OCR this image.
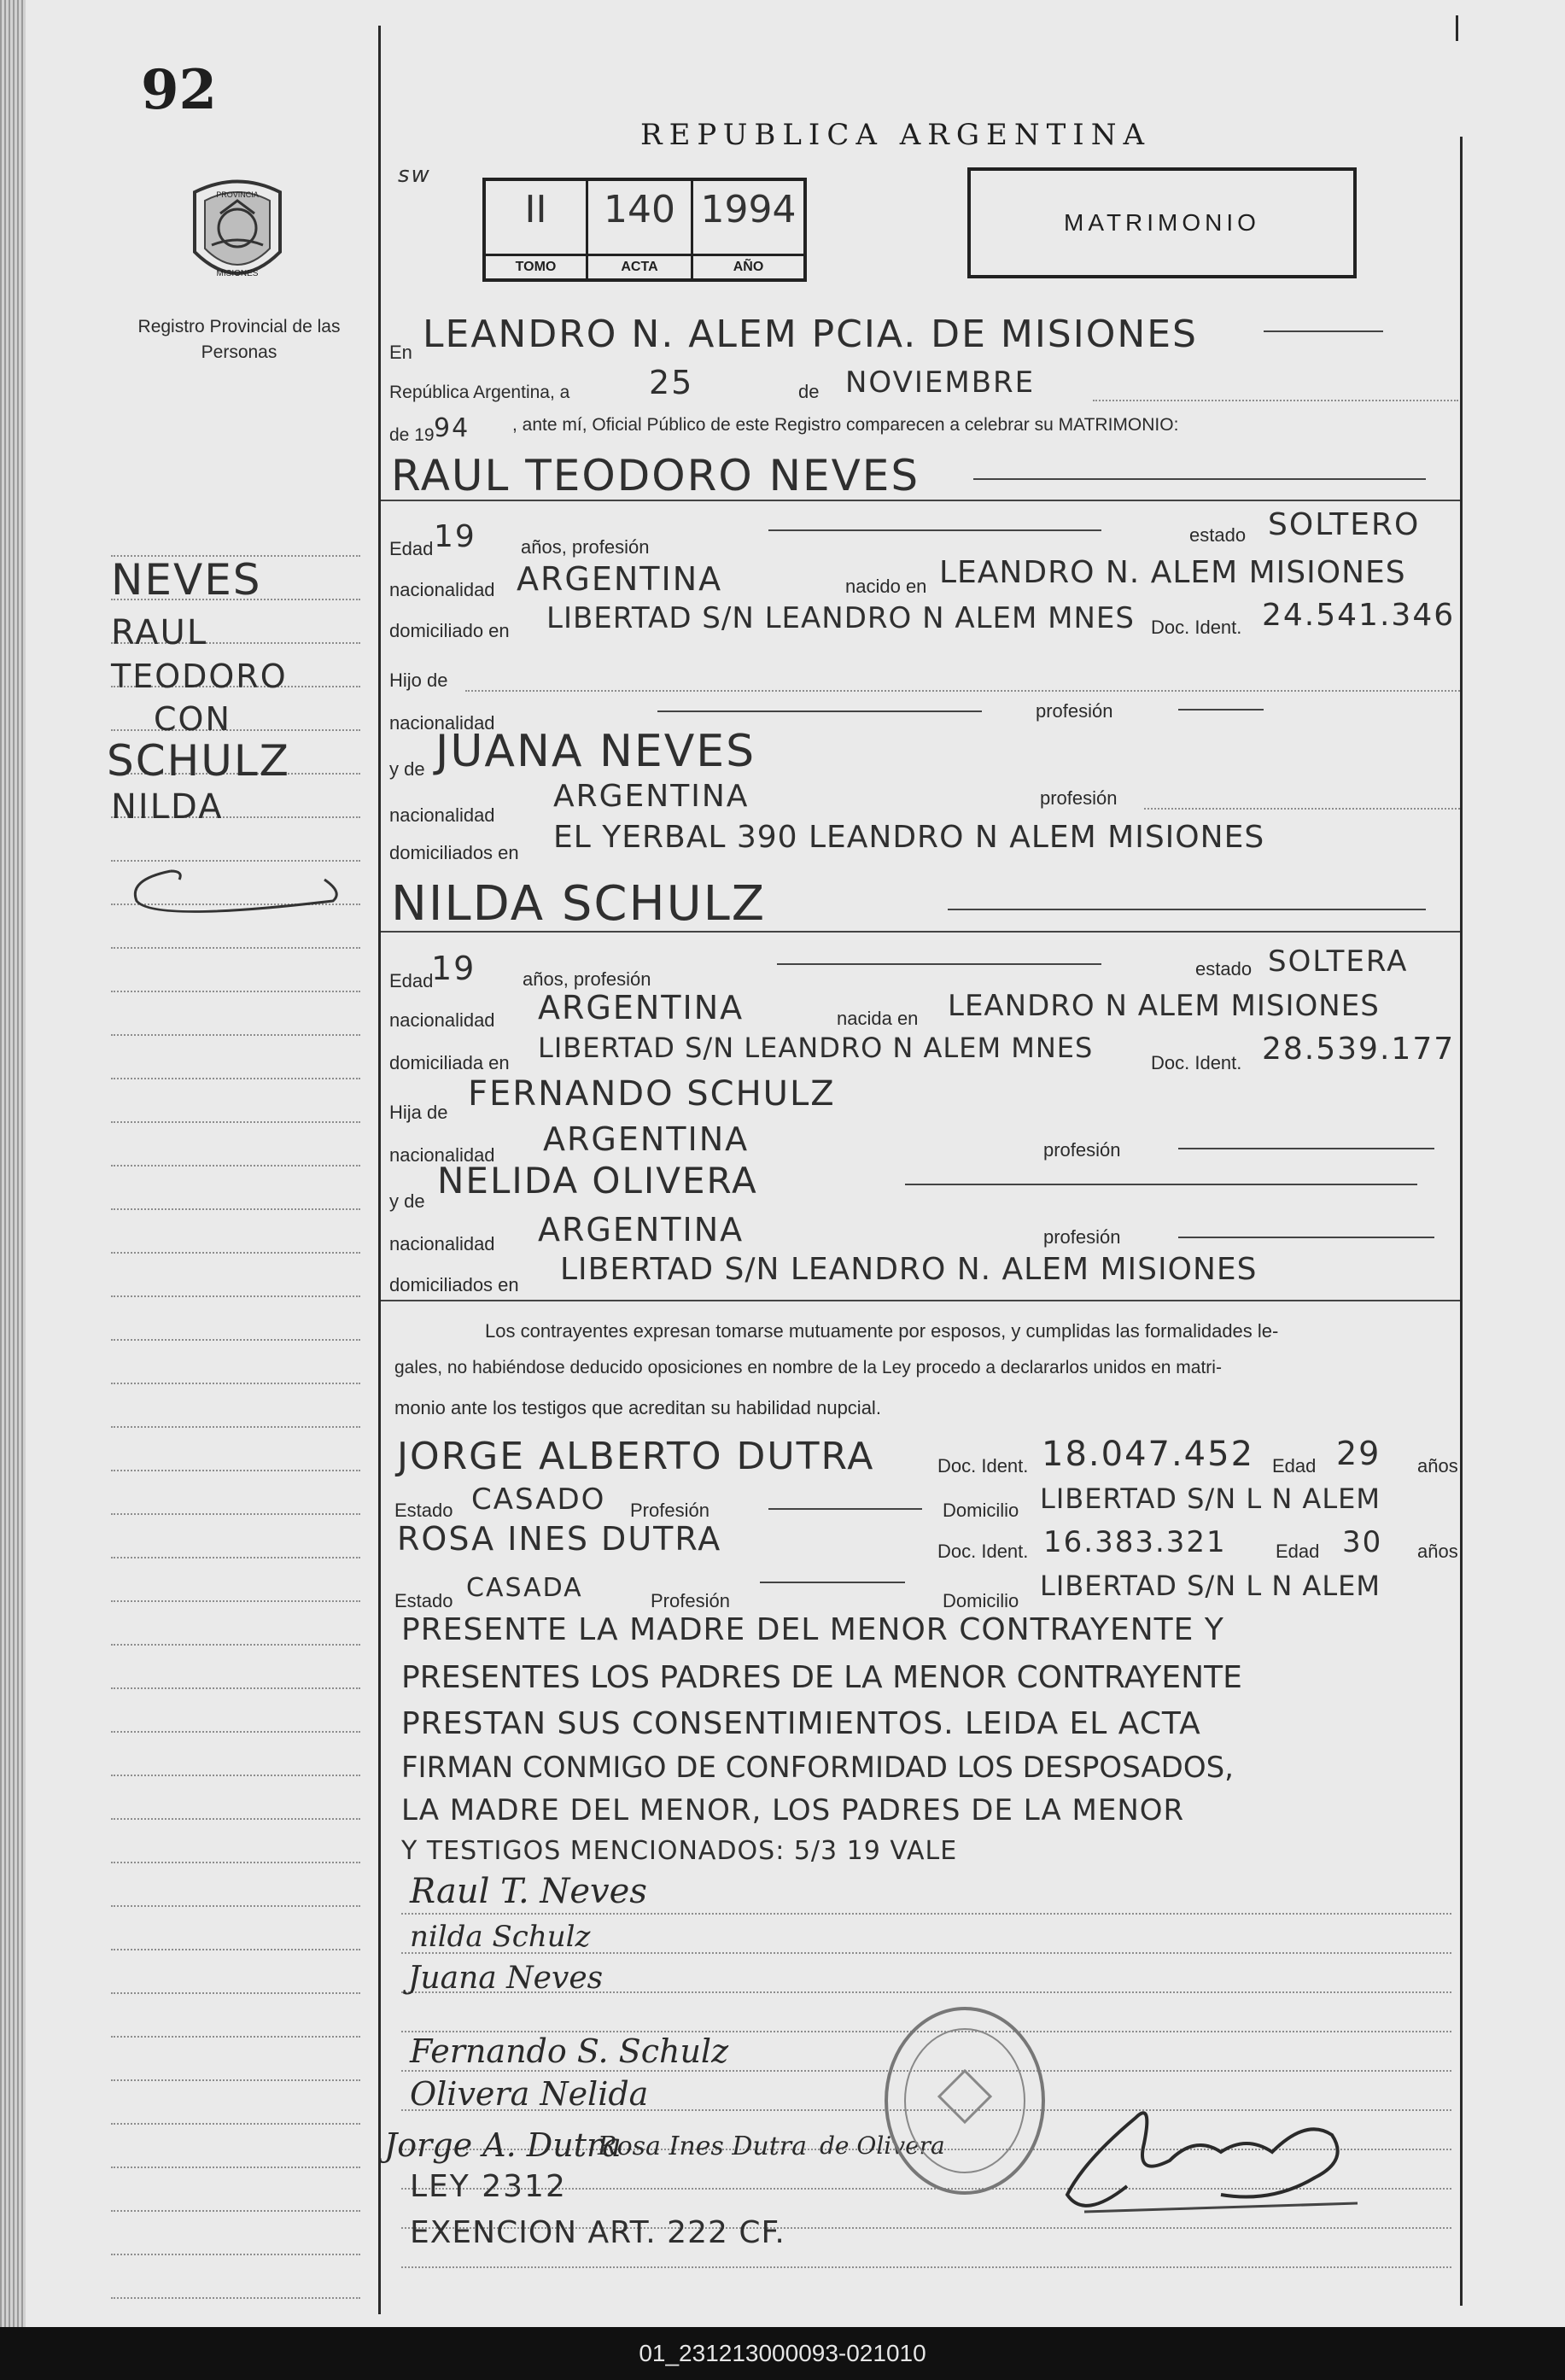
92
PROVINCIA
MISIONES
Registro Provincial de las Personas
REPUBLICA ARGENTINA
sw
II
TOMO
140
ACTA
1994
AÑO
MATRIMONIO
NEVES
RAUL
TEODORO
CON
SCHULZ
NILDA
En LEANDRO N. ALEM PCIA. DE MISIONES
República Argentina, a 25	de NOVIEMBRE
de 19 94 , ante mí, Oficial Público de este Registro comparecen a celebrar su MATRIMONIO:
RAUL TEODORO NEVES
Edad 19 años, profesión
estado SOLTERO
nacionalidad ARGENTINA	nacido en LEANDRO N. ALEM MISIONES
domiciliado en LIBERTAD S/N LEANDRO N ALEM MNES Doc. Ident. 24.541.346
Hijo de
nacionalidad
profesión
y de JUANA NEVES
nacionalidad
ARGENTINA	profesión
domiciliados en EL YERBAL 390 LEANDRO N ALEM MISIONES
NILDA SCHULZ
Edad
19 años, profesión	estado SOLTERA
nacionalidad ARGENTINA	nacida en LEANDRO N ALEM MISIONES
domiciliada en LIBERTAD S/N LEANDRO N ALEM MNES	Doc. Ident. 28.539.177
Hija de FERNANDO SCHULZ
nacionalidad ARGENTINA	profesión
y de NELIDA OLIVERA
nacionalidad ARGENTINA	profesión
domiciliados en LIBERTAD S/N LEANDRO N. ALEM MISIONES
Los contrayentes expresan tomarse mutuamente por esposos, y cumplidas las formalidades le-
gales, no habiéndose deducido oposiciones en nombre de la Ley procedo a declararlos unidos en matri-
monio ante los testigos que acreditan su habilidad nupcial.
JORGE ALBERTO DUTRA	Doc. Ident. 18.047.452 Edad 29 años
Estado CASADO Profesión	Domicilio LIBERTAD S/N L N ALEM
ROSA INES DUTRA	Doc. Ident. 16.383.321	Edad 30 años
Estado CASADA	Profesión	Domicilio LIBERTAD S/N L N ALEM
PRESENTE LA MADRE DEL MENOR CONTRAYENTE Y
PRESENTES LOS PADRES DE LA MENOR CONTRAYENTE
PRESTAN SUS CONSENTIMIENTOS. LEIDA EL ACTA
FIRMAN CONMIGO DE CONFORMIDAD LOS DESPOSADOS,
LA MADRE DEL MENOR, LOS PADRES DE LA MENOR
Y TESTIGOS MENCIONADOS: 5/3 19 VALE
Raul T. Neves
nilda Schulz
Juana Neves
Fernando S. Schulz
Olivera Nelida
Jorge A. Dutra
Rosa Ines Dutra de Olivera
LEY 2312
EXENCION ART. 222 CF.
01_231213000093-021010
